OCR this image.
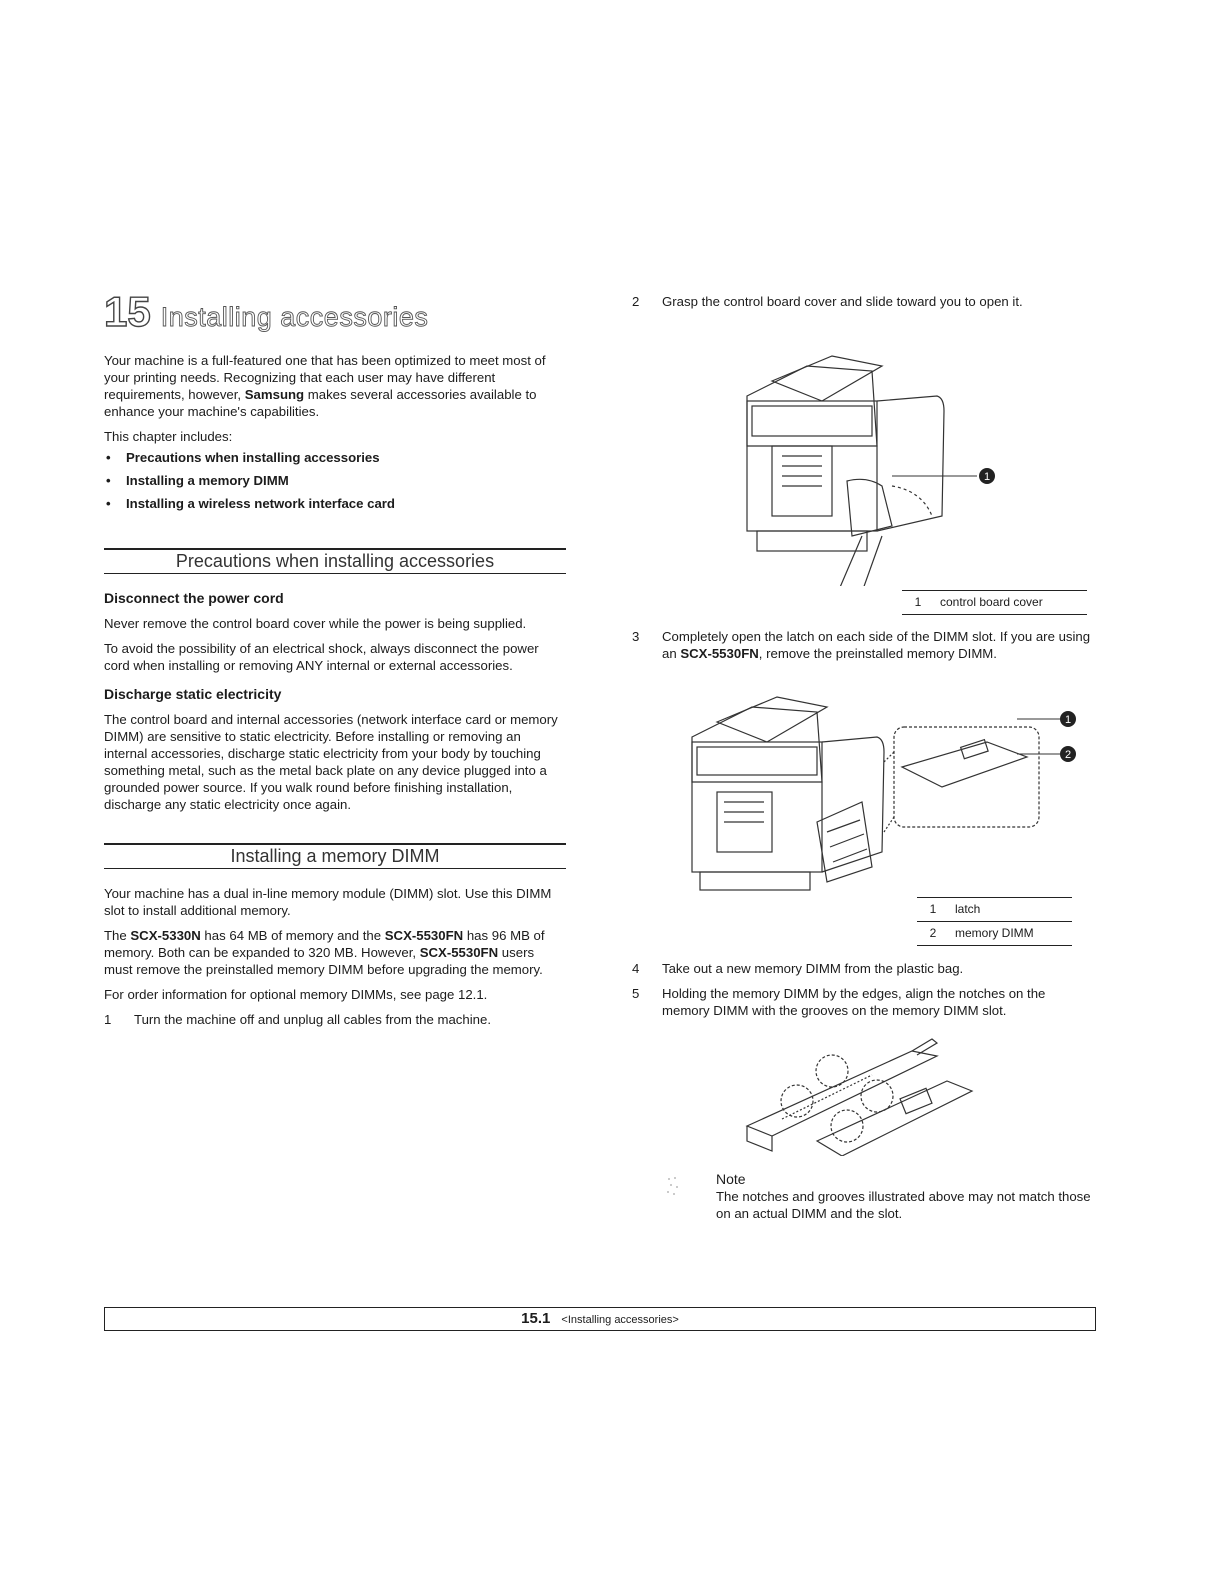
15 Installing accessories

Your machine is a full-featured one that has been optimized to meet most of your printing needs. Recognizing that each user may have different requirements, however, Samsung makes several accessories available to enhance your machine's capabilities.

This chapter includes:

• Precautions when installing accessories
• Installing a memory DIMM
• Installing a wireless network interface card
Precautions when installing accessories
Disconnect the power cord

Never remove the control board cover while the power is being supplied.

To avoid the possibility of an electrical shock, always disconnect the power cord when installing or removing ANY internal or external accessories.

Discharge static electricity

The control board and internal accessories (network interface card or memory DIMM) are sensitive to static electricity. Before installing or removing an internal accessories, discharge static electricity from your body by touching something metal, such as the metal back plate on any device plugged into a grounded power source. If you walk round before finishing installation, discharge any static electricity once again.

Installing a memory DIMM

Your machine has a dual in-line memory module (DIMM) slot. Use this DIMM slot to install additional memory.

The SCX-5330N has 64 MB of memory and the SCX-5530FN has 96 MB of memory. Both can be expanded to 320 MB. However, SCX-5530FN users must remove the preinstalled memory DIMM before upgrading the memory.

For order information for optional memory DIMMs, see page 12.1.

1	Turn the machine off and unplug all cables from the machine.
2	Grasp the control board cover and slide toward you to open it.
1
1	control board cover
3	Completely open the latch on each side of the DIMM slot. If you are using an SCX-5530FN, remove the preinstalled memory DIMM.
1
2
1	latch
2	memory DIMM
4	Take out a new memory DIMM from the plastic bag.
5	Holding the memory DIMM by the edges, align the notches on the memory DIMM with the grooves on the memory DIMM slot.
Note
The notches and grooves illustrated above may not match those on an actual DIMM and the slot.
15.1 <Installing accessories>
